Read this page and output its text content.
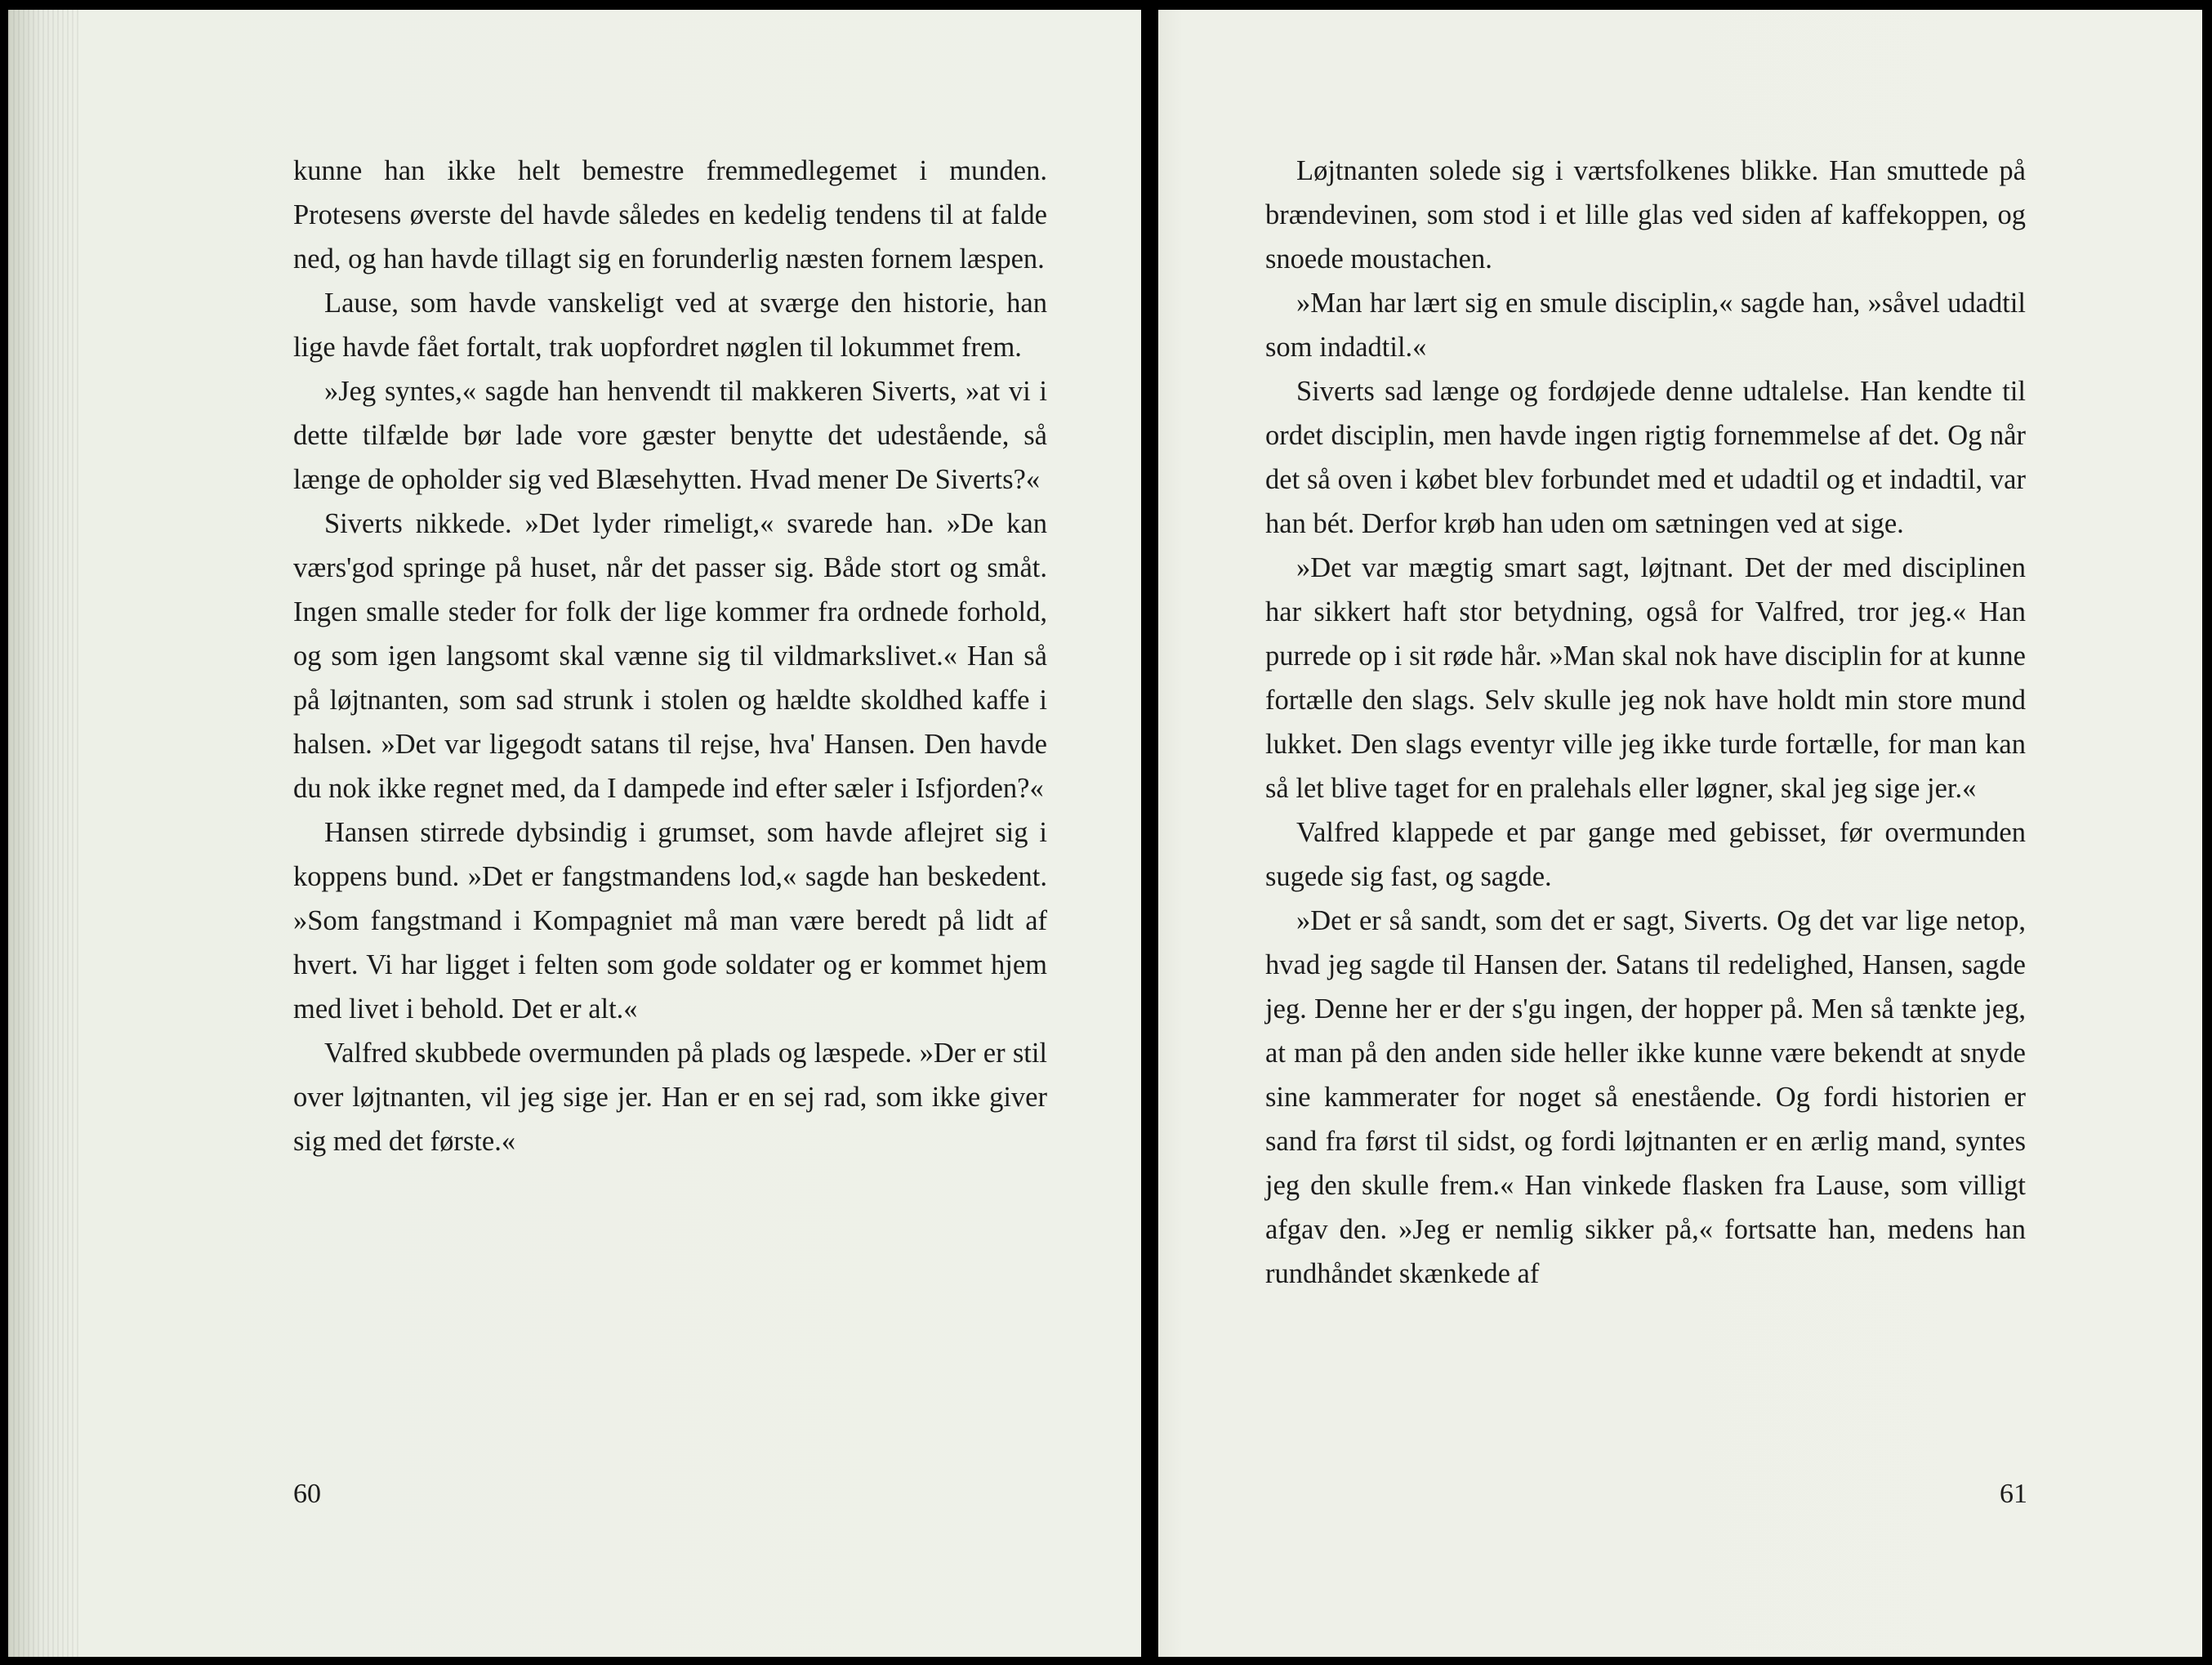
kunne han ikke helt bemestre fremmedlegemet i munden. Protesens øverste del havde således en kedelig tendens til at falde ned, og han havde tillagt sig en forunderlig næsten fornem læspen.

Lause, som havde vanskeligt ved at sværge den historie, han lige havde fået fortalt, trak uopfordret nøglen til lokummet frem.

»Jeg syntes,« sagde han henvendt til makkeren Siverts, »at vi i dette tilfælde bør lade vore gæster benytte det udestående, så længe de opholder sig ved Blæsehytten. Hvad mener De Siverts?«

Siverts nikkede. »Det lyder rimeligt,« svarede han. »De kan værs'god springe på huset, når det passer sig. Både stort og småt. Ingen smalle steder for folk der lige kommer fra ordnede forhold, og som igen langsomt skal vænne sig til vildmarkslivet.« Han så på løjtnanten, som sad strunk i stolen og hældte skoldhed kaffe i halsen. »Det var ligegodt satans til rejse, hva' Hansen. Den havde du nok ikke regnet med, da I dampede ind efter sæler i Isfjorden?«

Hansen stirrede dybsindig i grumset, som havde aflejret sig i koppens bund. »Det er fangstmandens lod,« sagde han beskedent. »Som fangstmand i Kompagniet må man være beredt på lidt af hvert. Vi har ligget i felten som gode soldater og er kommet hjem med livet i behold. Det er alt.«

Valfred skubbede overmunden på plads og læspede. »Der er stil over løjtnanten, vil jeg sige jer. Han er en sej rad, som ikke giver sig med det første.«

60

Løjtnanten solede sig i værtsfolkenes blikke. Han smuttede på brændevinen, som stod i et lille glas ved siden af kaffekoppen, og snoede moustachen.

»Man har lært sig en smule disciplin,« sagde han, »såvel udadtil som indadtil.«

Siverts sad længe og fordøjede denne udtalelse. Han kendte til ordet disciplin, men havde ingen rigtig fornemmelse af det. Og når det så oven i købet blev forbundet med et udadtil og et indadtil, var han bét. Derfor krøb han uden om sætningen ved at sige.

»Det var mægtig smart sagt, løjtnant. Det der med disciplinen har sikkert haft stor betydning, også for Valfred, tror jeg.« Han purrede op i sit røde hår. »Man skal nok have disciplin for at kunne fortælle den slags. Selv skulle jeg nok have holdt min store mund lukket. Den slags eventyr ville jeg ikke turde fortælle, for man kan så let blive taget for en pralehals eller løgner, skal jeg sige jer.«

Valfred klappede et par gange med gebisset, før overmunden sugede sig fast, og sagde.

»Det er så sandt, som det er sagt, Siverts. Og det var lige netop, hvad jeg sagde til Hansen der. Satans til redelighed, Hansen, sagde jeg. Denne her er der s'gu ingen, der hopper på. Men så tænkte jeg, at man på den anden side heller ikke kunne være bekendt at snyde sine kammerater for noget så enestående. Og fordi historien er sand fra først til sidst, og fordi løjtnanten er en ærlig mand, syntes jeg den skulle frem.« Han vinkede flasken fra Lause, som villigt afgav den. »Jeg er nemlig sikker på,« fortsatte han, medens han rundhåndet skænkede af

61
